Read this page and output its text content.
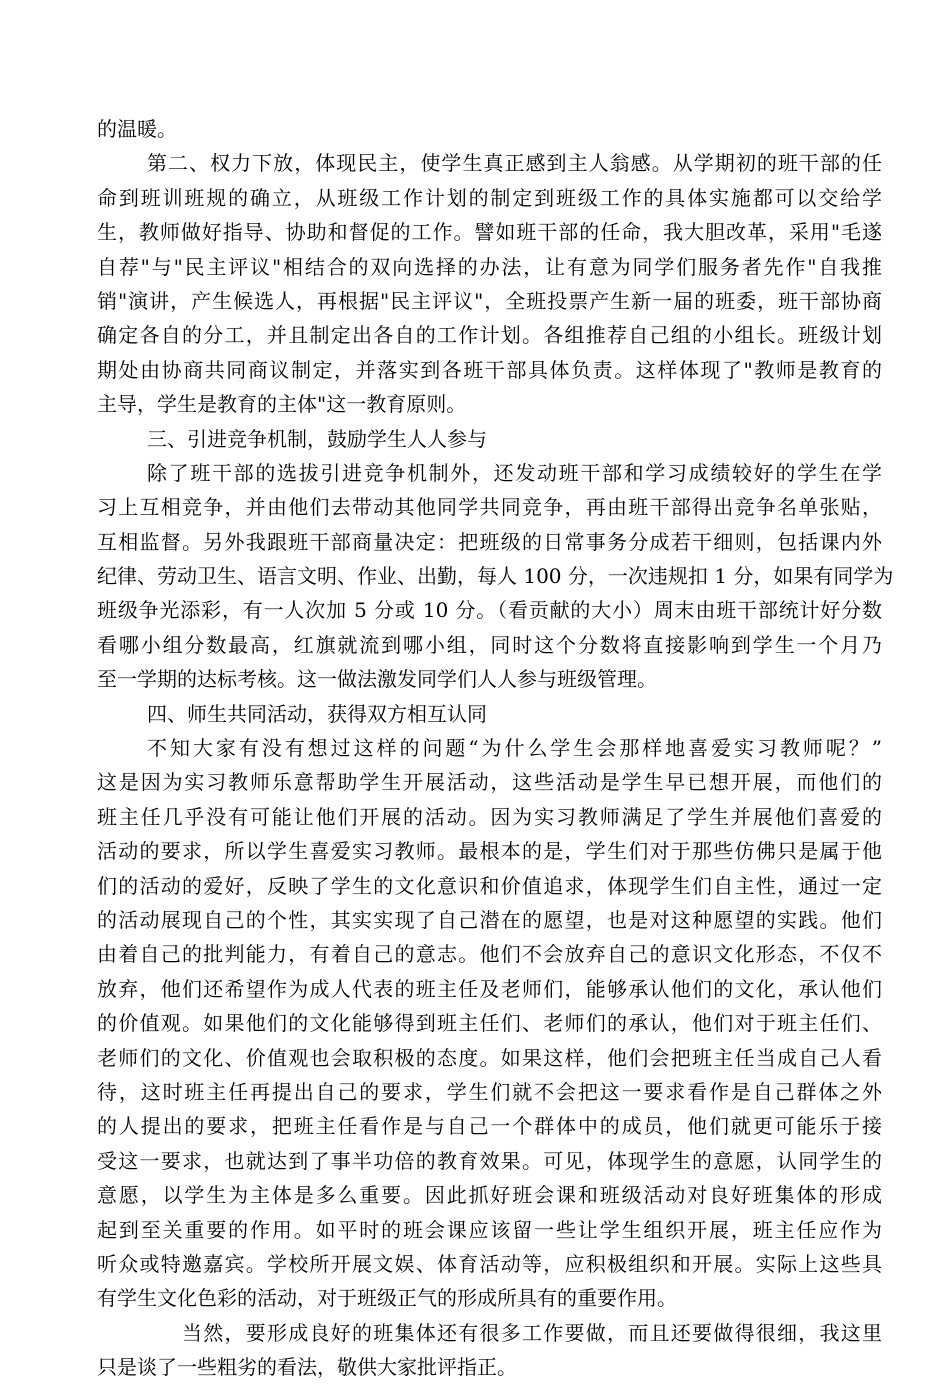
的温暖。
第二、权力下放，体现民主，使学生真正感到主人翁感。从学期初的班干部的任
命到班训班规的确立，从班级工作计划的制定到班级工作的具体实施都可以交给学
生，教师做好指导、协助和督促的工作。譬如班干部的任命，我大胆改革，采用"毛遂
自荐"与"民主评议"相结合的双向选择的办法，让有意为同学们服务者先作"自我推
销"演讲，产生候选人，再根据"民主评议"，全班投票产生新一届的班委，班干部协商
确定各自的分工，并且制定出各自的工作计划。各组推荐自己组的小组长。班级计划
期处由协商共同商议制定，并落实到各班干部具体负责。这样体现了"教师是教育的
主导，学生是教育的主体"这一教育原则。
三、引进竞争机制，鼓励学生人人参与
除了班干部的选拔引进竞争机制外，还发动班干部和学习成绩较好的学生在学
习上互相竞争，并由他们去带动其他同学共同竞争，再由班干部得出竞争名单张贴，
互相监督。另外我跟班干部商量决定：把班级的日常事务分成若干细则，包括课内外
纪律、劳动卫生、语言文明、作业、出勤，每人 100 分，一次违规扣 1 分，如果有同学为
班级争光添彩，有一人次加 5 分或 10 分。（看贡献的大小）周末由班干部统计好分数
看哪小组分数最高，红旗就流到哪小组，同时这个分数将直接影响到学生一个月乃
至一学期的达标考核。这一做法激发同学们人人参与班级管理。
四、师生共同活动，获得双方相互认同
不知大家有没有想过这样的问题“为什么学生会那样地喜爱实习教师呢？”
这是因为实习教师乐意帮助学生开展活动，这些活动是学生早已想开展，而他们的
班主任几乎没有可能让他们开展的活动。因为实习教师满足了学生并展他们喜爱的
活动的要求，所以学生喜爱实习教师。最根本的是，学生们对于那些仿佛只是属于他
们的活动的爱好，反映了学生的文化意识和价值追求，体现学生们自主性，通过一定
的活动展现自己的个性，其实实现了自己潜在的愿望，也是对这种愿望的实践。他们
由着自己的批判能力，有着自己的意志。他们不会放弃自己的意识文化形态，不仅不
放弃，他们还希望作为成人代表的班主任及老师们，能够承认他们的文化，承认他们
的价值观。如果他们的文化能够得到班主任们、老师们的承认，他们对于班主任们、
老师们的文化、价值观也会取积极的态度。如果这样，他们会把班主任当成自己人看
待，这时班主任再提出自己的要求，学生们就不会把这一要求看作是自己群体之外
的人提出的要求，把班主任看作是与自己一个群体中的成员，他们就更可能乐于接
受这一要求，也就达到了事半功倍的教育效果。可见，体现学生的意愿，认同学生的
意愿，以学生为主体是多么重要。因此抓好班会课和班级活动对良好班集体的形成
起到至关重要的作用。如平时的班会课应该留一些让学生组织开展，班主任应作为
听众或特邀嘉宾。学校所开展文娱、体育活动等，应积极组织和开展。实际上这些具
有学生文化色彩的活动，对于班级正气的形成所具有的重要作用。
当然，要形成良好的班集体还有很多工作要做，而且还要做得很细，我这里
只是谈了一些粗劣的看法，敬供大家批评指正。
